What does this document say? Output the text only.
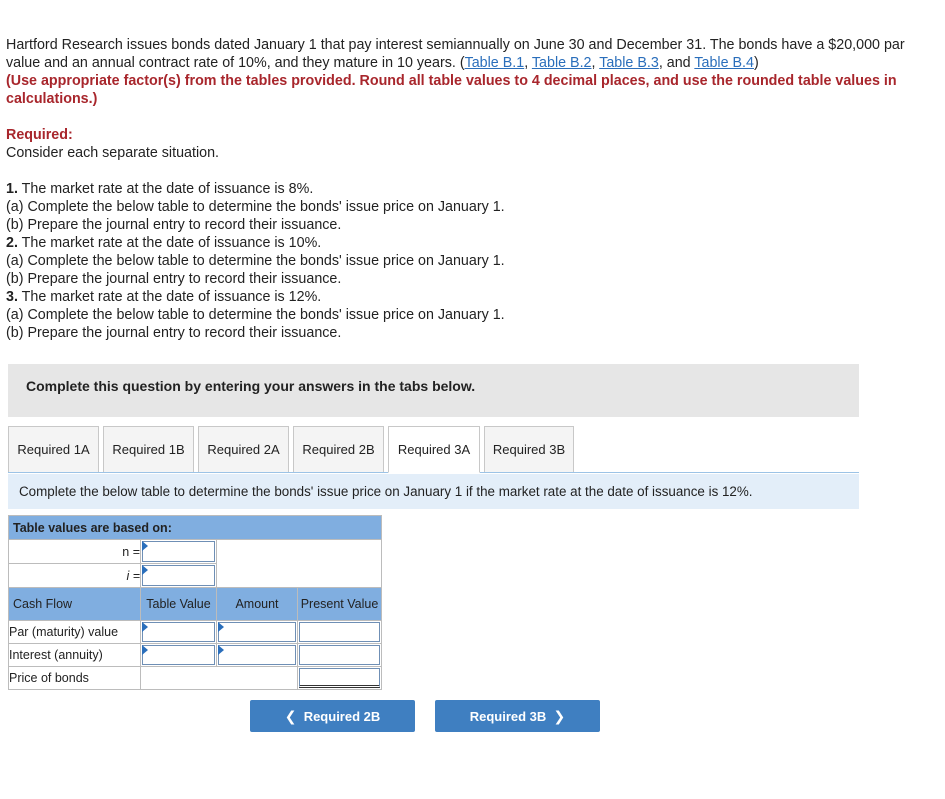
Hartford Research issues bonds dated January 1 that pay interest semiannually on June 30 and December 31. The bonds have a $20,000 par value and an annual contract rate of 10%, and they mature in 10 years. (Table B.1, Table B.2, Table B.3, and Table B.4)

(Use appropriate factor(s) from the tables provided. Round all table values to 4 decimal places, and use the rounded table values in calculations.)

Required:
Consider each separate situation.
1. The market rate at the date of issuance is 8%.
(a) Complete the below table to determine the bonds' issue price on January 1.
(b) Prepare the journal entry to record their issuance.
2. The market rate at the date of issuance is 10%.
(a) Complete the below table to determine the bonds' issue price on January 1.
(b) Prepare the journal entry to record their issuance.
3. The market rate at the date of issuance is 12%.
(a) Complete the below table to determine the bonds' issue price on January 1.
(b) Prepare the journal entry to record their issuance.
Complete this question by entering your answers in the tabs below.
Required 1A	Required 1B	Required 2A	Required 2B	Required 3A	Required 3B
Complete the below table to determine the bonds' issue price on January 1 if the market rate at the date of issuance is 12%.
Table values are based on:			
n =		

i =			

Cash Flow	Table Value	Amount	Present Value
Par (maturity) value	

Interest (annuity)	

Price of bonds			
❮
Required 2B	Required 3B
❯
